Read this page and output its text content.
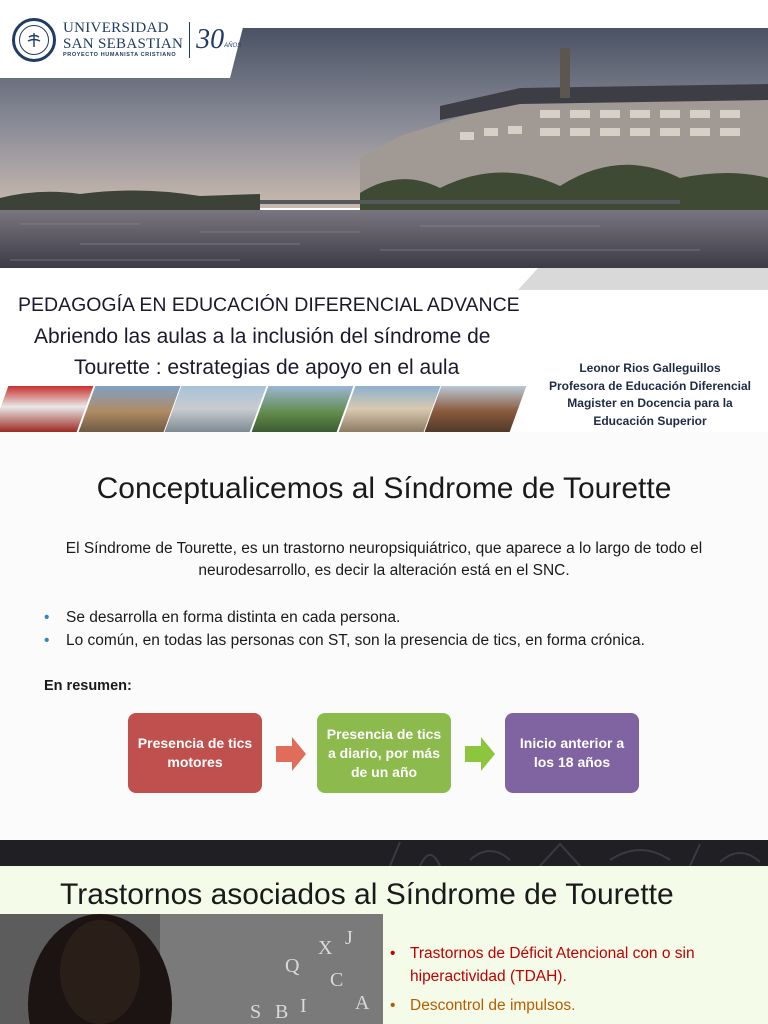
UNIVERSIDAD
SAN SEBASTIAN
PROYECTO HUMANISTA CRISTIANO 30 AÑOS
PEDAGOGÍA EN EDUCACIÓN DIFERENCIAL ADVANCE
Abriendo las aulas a la inclusión del síndrome de
Tourette : estrategias de apoyo en el aula	Leonor Rios Galleguillos
Profesora de Educación Diferencial
Magister en Docencia para la
Educación Superior
Conceptualicemos al Síndrome de Tourette
El Síndrome de Tourette, es un trastorno neuropsiquiátrico, que aparece a lo largo de todo el neurodesarrollo, es decir la alteración está en el SNC.
• Se desarrolla en forma distinta en cada persona.
• Lo común, en todas las personas con ST, son la presencia de tics, en forma crónica.
En resumen:
Presencia de tics motores
Presencia de tics a diario, por más de un año
Inicio anterior a los 18 años
Trastornos asociados al Síndrome de Tourette
Q
X J
A
C
S B I
• Trastornos de Déficit Atencional con o sin hiperactividad (TDAH).
• Descontrol de impulsos.
